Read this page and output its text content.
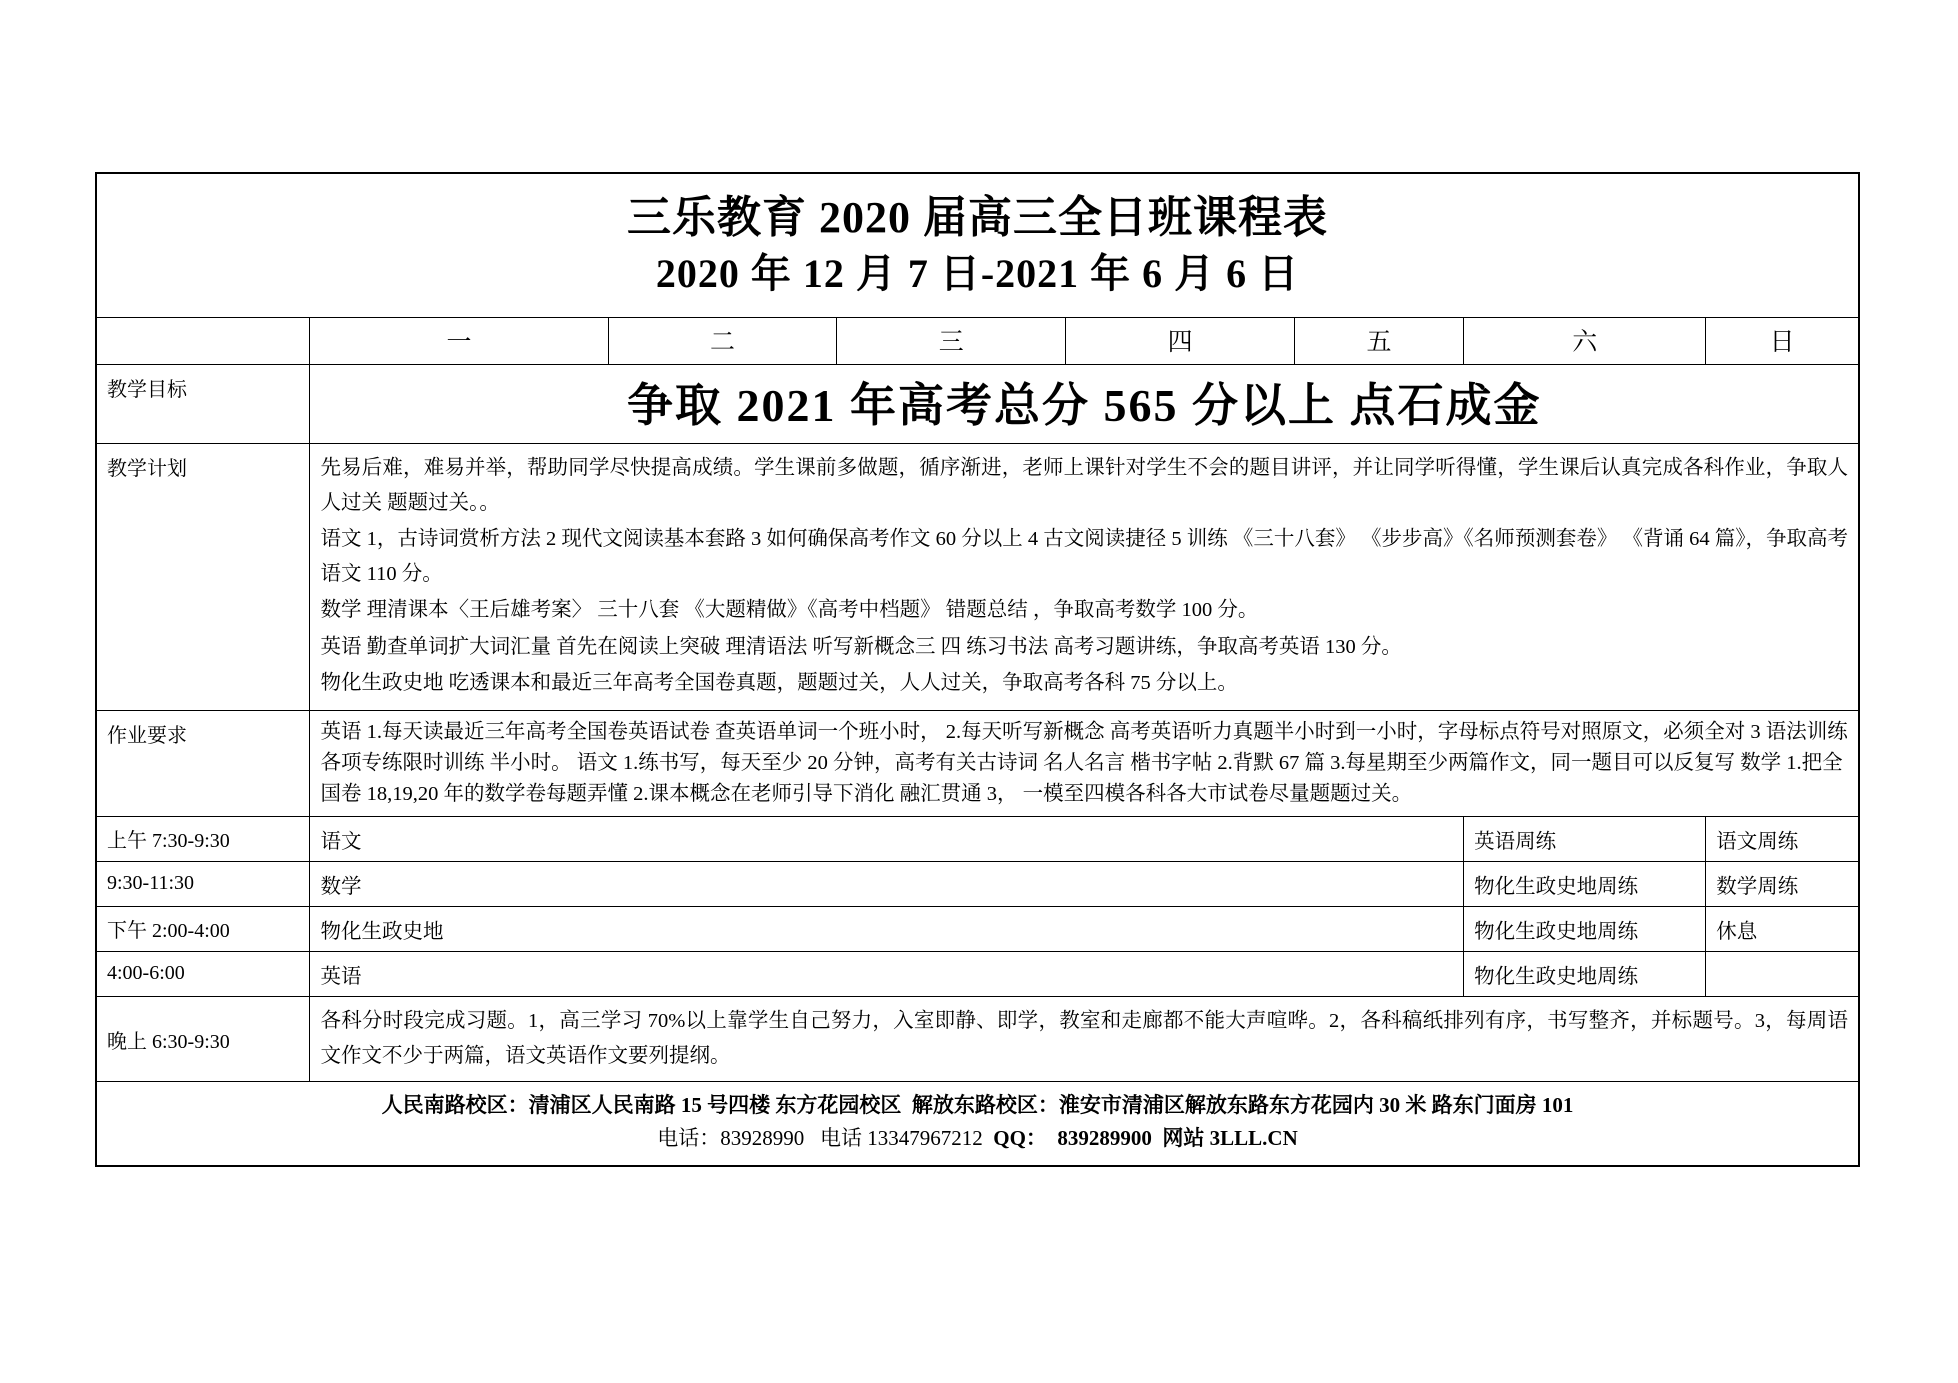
三乐教育 2020 届高三全日班课程表
2020 年 12 月 7 日-2021 年 6 月 6 日							

	一	二	三	四	五	六	日
教学目标	争取 2021 年高考总分 565 分以上 点石成金						
教学计划	先易后难，难易并举，帮助同学尽快提高成绩。学生课前多做题，循序渐进，老师上课针对学生不会的题目讲评，并让同学听得懂，学生课后认真完成各科作业，争取人人过关 题题过关。。

语文 1，古诗词赏析方法 2 现代文阅读基本套路 3 如何确保高考作文 60 分以上 4 古文阅读捷径 5 训练 《三十八套》 《步步高》《名师预测套卷》 《背诵 64 篇》，争取高考语文 110 分。

数学 理清课本〈王后雄考案〉 三十八套 《大题精做》《高考中档题》 错题总结 ，争取高考数学 100 分。

英语 勤查单词扩大词汇量 首先在阅读上突破 理清语法 听写新概念三 四 练习书法 高考习题讲练，争取高考英语 130 分。

物化生政史地 吃透课本和最近三年高考全国卷真题，题题过关，人人过关，争取高考各科 75 分以上。						

作业要求	英语 1.每天读最近三年高考全国卷英语试卷 查英语单词一个班小时， 2.每天听写新概念 高考英语听力真题半小时到一小时，字母标点符号对照原文，必须全对 3 语法训练 各项专练限时训练 半小时。 语文 1.练书写，每天至少 20 分钟，高考有关古诗词 名人名言 楷书字帖 2.背默 67 篇 3.每星期至少两篇作文，同一题目可以反复写 数学 1.把全国卷 18,19,20 年的数学卷每题弄懂 2.课本概念在老师引导下消化 融汇贯通 3， 一模至四模各科各大市试卷尽量题题过关。						

上午 7:30-9:30	语文					英语周练	语文周练
9:30-11:30	数学					物化生政史地周练	数学周练
下午 2:00-4:00	物化生政史地					物化生政史地周练	休息
4:00-6:00	英语					物化生政史地周练	
晚上 6:30-9:30	各科分时段完成习题。1，高三学习 70%以上靠学生自己努力，入室即静、即学，教室和走廊都不能大声喧哗。2，各科稿纸排列有序，书写整齐，并标题号。3，每周语文作文不少于两篇，语文英语作文要列提纲。						

人民南路校区：清浦区人民南路 15 号四楼 东方花园校区 解放东路校区：淮安市清浦区解放东路东方花园内 30 米 路东门面房 101
电话：83928990 电话 13347967212 QQ： 839289900 网站 3LLL.CN							
